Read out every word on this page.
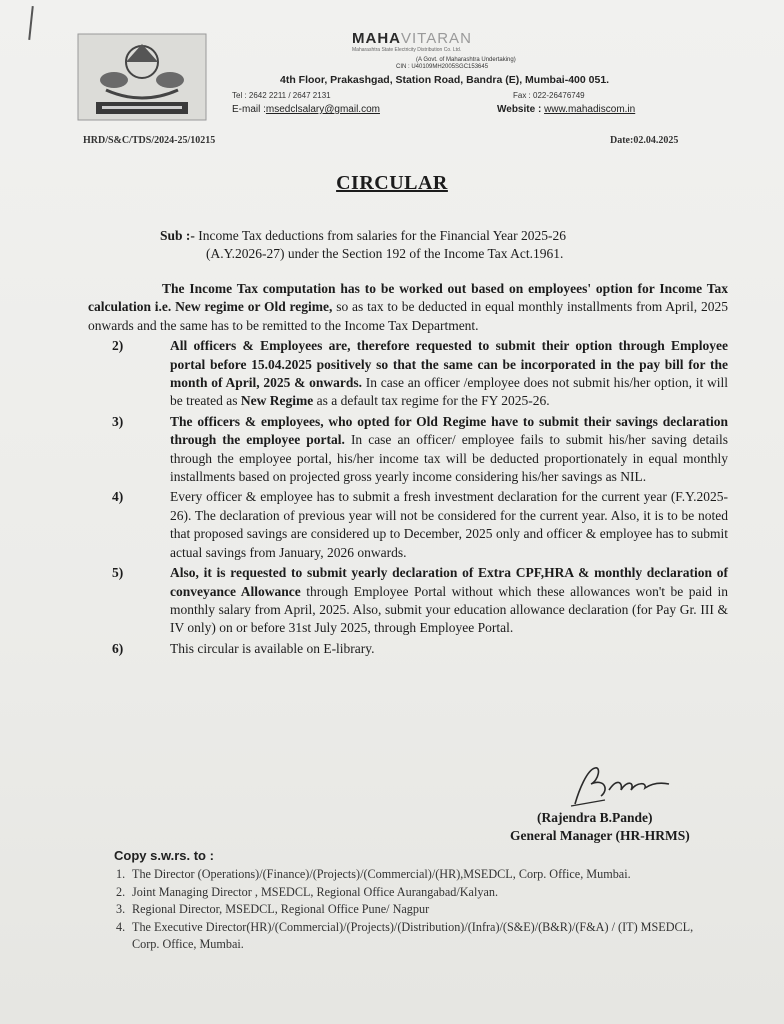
MAHAVITARAN
Maharashtra State Electricity Distribution Co. Ltd.
(A Govt. of Maharashtra Undertaking)
CIN : U40109MH2005SGC153645
4th Floor, Prakashgad, Station Road, Bandra (E), Mumbai-400 051.
Tel : 2642 2211 / 2647 2131	Fax : 022-26476749
E-mail :msedclsalary@gmail.com	Website : www.mahadiscom.in
HRD/S&C/TDS/2024-25/10215	Date:02.04.2025
CIRCULAR
Sub :- Income Tax deductions from salaries for the Financial Year 2025-26
(A.Y.2026-27) under the Section 192 of the Income Tax Act.1961.

The Income Tax computation has to be worked out based on employees' option for Income Tax calculation i.e. New regime or Old regime, so as tax to be deducted in equal monthly installments from April, 2025 onwards and the same has to be remitted to the Income Tax Department.

2)	All officers & Employees are, therefore requested to submit their option through Employee portal before 15.04.2025 positively so that the same can be incorporated in the pay bill for the month of April, 2025 & onwards. In case an officer /employee does not submit his/her option, it will be treated as New Regime as a default tax regime for the FY 2025-26.
3)	The officers & employees, who opted for Old Regime have to submit their savings declaration through the employee portal. In case an officer/ employee fails to submit his/her saving details through the employee portal, his/her income tax will be deducted proportionately in equal monthly installments based on projected gross yearly income considering his/her savings as NIL.
4)	Every officer & employee has to submit a fresh investment declaration for the current year (F.Y.2025-26). The declaration of previous year will not be considered for the current year. Also, it is to be noted that proposed savings are considered up to December, 2025 only and officer & employee has to submit actual savings from January, 2026 onwards.
5)	Also, it is requested to submit yearly declaration of Extra CPF,HRA & monthly declaration of conveyance Allowance through Employee Portal without which these allowances won't be paid in monthly salary from April, 2025. Also, submit your education allowance declaration (for Pay Gr. III & IV only) on or before 31st July 2025, through Employee Portal.
6)	This circular is available on E-library.
(Rajendra B.Pande)
General Manager (HR-HRMS)
Copy s.w.rs. to :
1. The Director (Operations)/(Finance)/(Projects)/(Commercial)/(HR),MSEDCL, Corp. Office, Mumbai.
2. Joint Managing Director , MSEDCL, Regional Office Aurangabad/Kalyan.
3. Regional Director, MSEDCL, Regional Office Pune/ Nagpur
4. The Executive Director(HR)/(Commercial)/(Projects)/(Distribution)/(Infra)/(S&E)/(B&R)/(F&A) / (IT) MSEDCL, Corp. Office, Mumbai.
